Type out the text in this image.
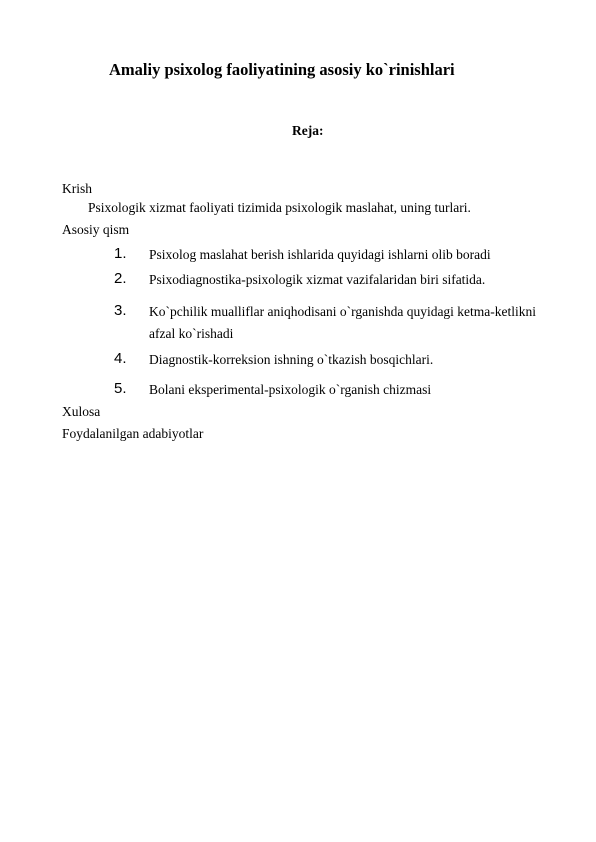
Amaliy psixolog faoliyatining asosiy ko`rinishlari
Reja:
Krish
Psixologik xizmat faoliyati tizimida psixologik maslahat, uning turlari.
Asosiy qism
1. Psixolog maslahat berish ishlarida quyidagi ishlarni olib boradi
2. Psixodiagnostika-psixologik xizmat vazifalaridan biri sifatida.
3. Ko`pchilik mualliflar aniqhodisani o`rganishda quyidagi ketma-ketlikni
afzal ko`rishadi
4. Diagnostik-korreksion ishning o`tkazish bosqichlari.
5. Bolani eksperimental-psixologik o`rganish chizmasi
Xulosa
Foydalanilgan adabiyotlar
